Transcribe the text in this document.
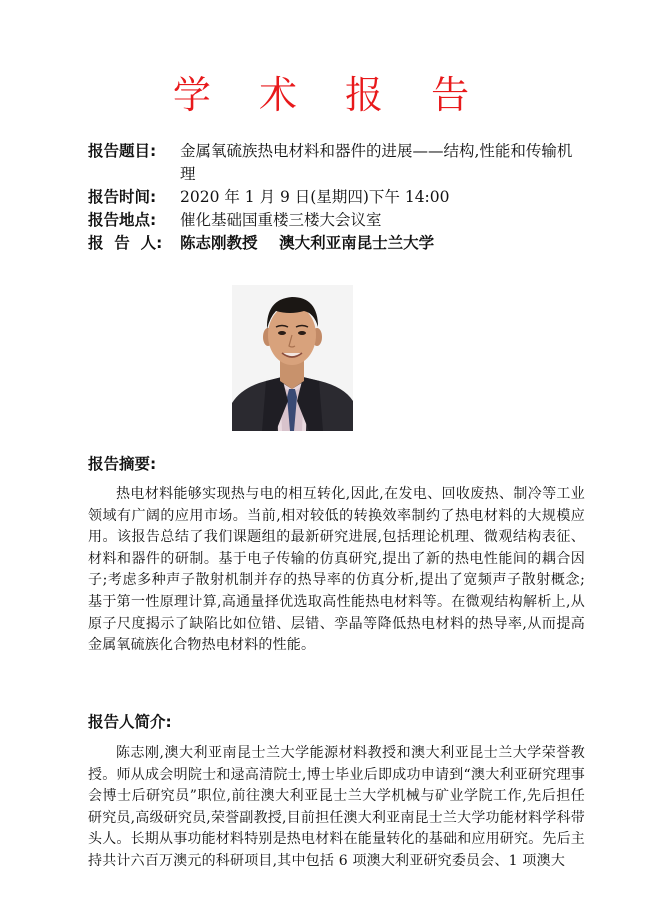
学 术 报 告
报告题目: 金属氧硫族热电材料和器件的进展——结构,性能和传输机理
报告时间: 2020 年 1 月 9 日(星期四)下午 14:00
报告地点: 催化基础国重楼三楼大会议室
报  告  人: 陈志刚教授    澳大利亚南昆士兰大学
报告摘要:
热电材料能够实现热与电的相互转化,因此,在发电、回收废热、制冷等工业领域有广阔的应用市场。当前,相对较低的转换效率制约了热电材料的大规模应用。该报告总结了我们课题组的最新研究进展,包括理论机理、微观结构表征、材料和器件的研制。基于电子传输的仿真研究,提出了新的热电性能间的耦合因子;考虑多种声子散射机制并存的热导率的仿真分析,提出了宽频声子散射概念;基于第一性原理计算,高通量择优选取高性能热电材料等。在微观结构解析上,从原子尺度揭示了缺陷比如位错、层错、孪晶等降低热电材料的热导率,从而提高金属氧硫族化合物热电材料的性能。
报告人简介:
陈志刚,澳大利亚南昆士兰大学能源材料教授和澳大利亚昆士兰大学荣誉教授。师从成会明院士和逯高清院士,博士毕业后即成功申请到“澳大利亚研究理事会博士后研究员”职位,前往澳大利亚昆士兰大学机械与矿业学院工作,先后担任研究员,高级研究员,荣誉副教授,目前担任澳大利亚南昆士兰大学功能材料学科带头人。长期从事功能材料特别是热电材料在能量转化的基础和应用研究。先后主持共计六百万澳元的科研项目,其中包括 6 项澳大利亚研究委员会、1 项澳大
